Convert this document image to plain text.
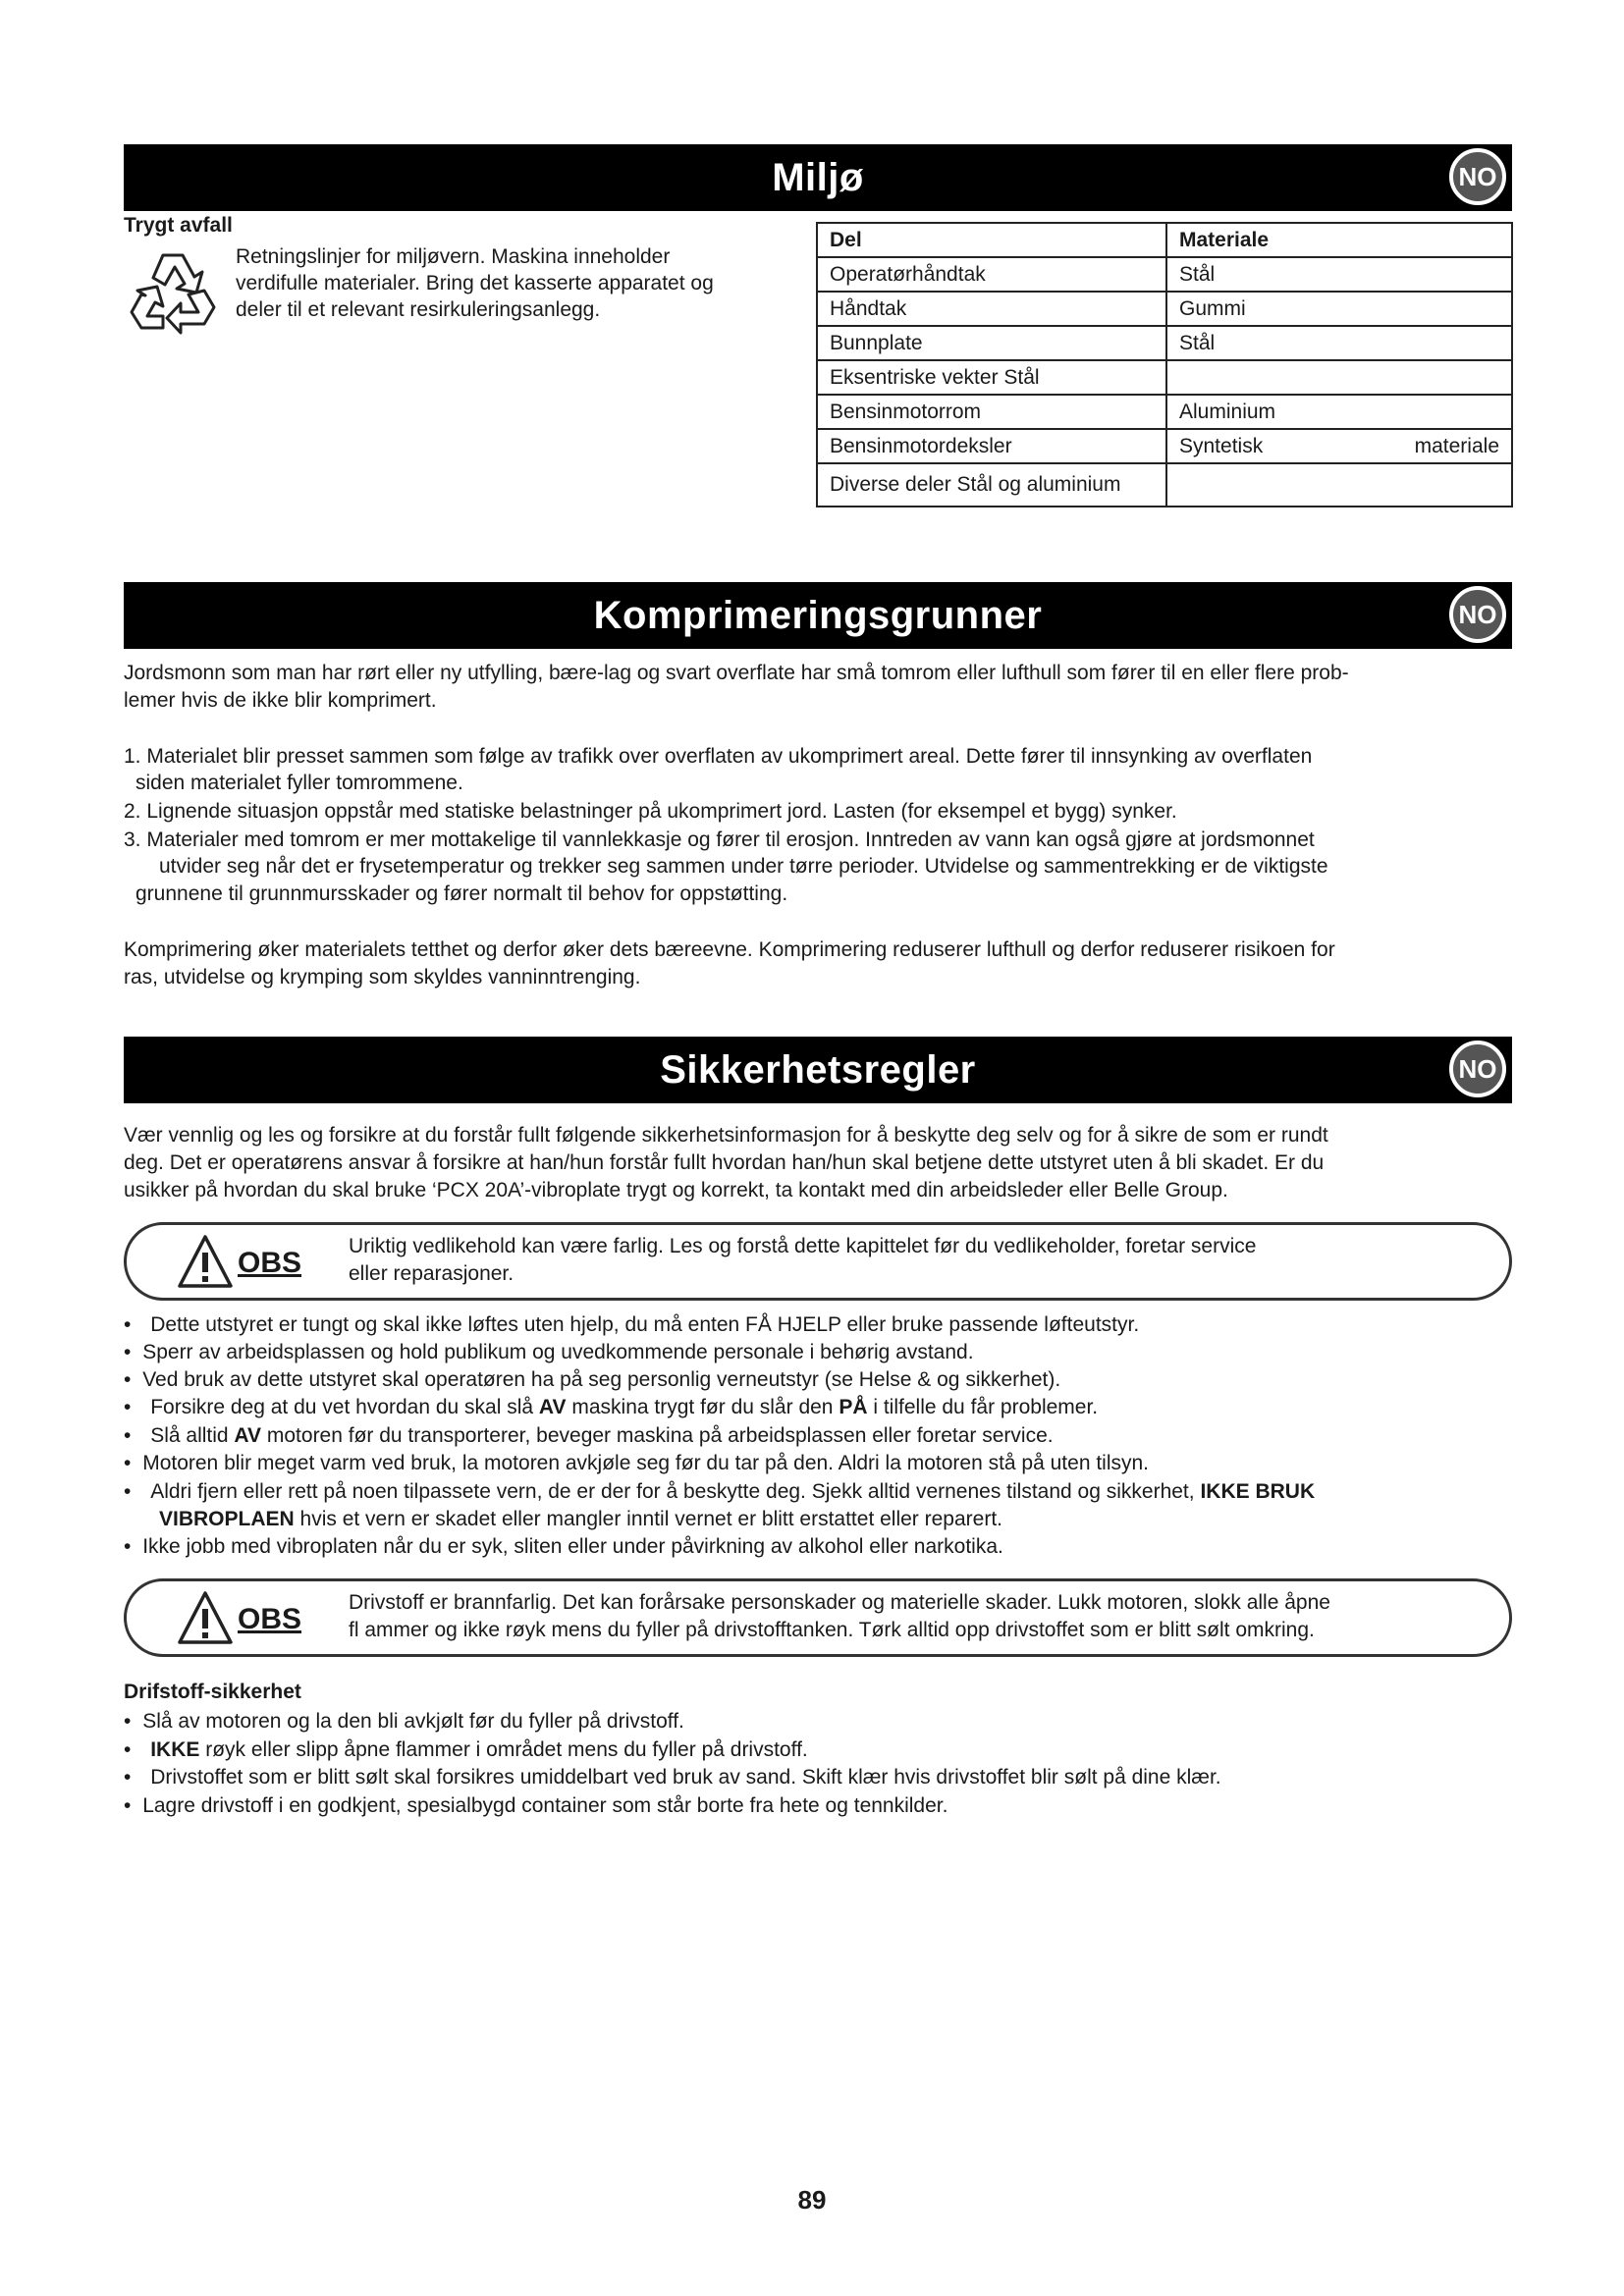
Miljø	NO
Trygt avfall
Retningslinjer for miljøvern. Maskina inneholder
verdifulle materialer. Bring det kasserte apparatet og
deler til et relevant resirkuleringsanlegg.
Del	Materiale
Operatørhåndtak	Stål
Håndtak	Gummi
Bunnplate	Stål
Eksentriske vekter Stål	
Bensinmotorrom	Aluminium
Bensinmotordeksler	Syntetisk materiale

Diverse deler Stål og aluminium	
Komprimeringsgrunner	NO
Jordsmonn som man har rørt eller ny utfylling, bære-lag og svart overflate har små tomrom eller lufthull som fører til en eller flere prob-
lemer hvis de ikke blir komprimert.
1. Materialet blir presset sammen som følge av trafikk over overflaten av ukomprimert areal. Dette fører til innsynking av overflaten
siden materialet fyller tomrommene.
2. Lignende situasjon oppstår med statiske belastninger på ukomprimert jord. Lasten (for eksempel et bygg) synker.
3. Materialer med tomrom er mer mottakelige til vannlekkasje og fører til erosjon. Inntreden av vann kan også gjøre at jordsmonnet
utvider seg når det er frysetemperatur og trekker seg sammen under tørre perioder. Utvidelse og sammentrekking er de viktigste
grunnene til grunnmursskader og fører normalt til behov for oppstøtting.
Komprimering øker materialets tetthet og derfor øker dets bæreevne. Komprimering reduserer lufthull og derfor reduserer risikoen for
ras, utvidelse og krymping som skyldes vanninntrenging.
Sikkerhetsregler	NO
Vær vennlig og les og forsikre at du forstår fullt følgende sikkerhetsinformasjon for å beskytte deg selv og for å sikre de som er rundt
deg. Det er operatørens ansvar å forsikre at han/hun forstår fullt hvordan han/hun skal betjene dette utstyret uten å bli skadet. Er du
usikker på hvordan du skal bruke ‘PCX 20A’-vibroplate trygt og korrekt, ta kontakt med din arbeidsleder eller Belle Group.
OBS
Uriktig vedlikehold kan være farlig. Les og forstå dette kapittelet før du vedlikeholder, foretar service
eller reparasjoner.
• Dette utstyret er tungt og skal ikke løftes uten hjelp, du må enten FÅ HJELP eller bruke passende løfteutstyr.
• Sperr av arbeidsplassen og hold publikum og uvedkommende personale i behørig avstand.
• Ved bruk av dette utstyret skal operatøren ha på seg personlig verneutstyr (se Helse & og sikkerhet).
• Forsikre deg at du vet hvordan du skal slå AV maskina trygt før du slår den PÅ i tilfelle du får problemer.
• Slå alltid AV motoren før du transporterer, beveger maskina på arbeidsplassen eller foretar service.
• Motoren blir meget varm ved bruk, la motoren avkjøle seg før du tar på den. Aldri la motoren stå på uten tilsyn.
• Aldri fjern eller rett på noen tilpassete vern, de er der for å beskytte deg. Sjekk alltid vernenes tilstand og sikkerhet, IKKE BRUK
VIBROPLAEN hvis et vern er skadet eller mangler inntil vernet er blitt erstattet eller reparert.
• Ikke jobb med vibroplaten når du er syk, sliten eller under påvirkning av alkohol eller narkotika.
OBS
Drivstoff er brannfarlig. Det kan forårsake personskader og materielle skader. Lukk motoren, slokk alle åpne
fl ammer og ikke røyk mens du fyller på drivstofftanken. Tørk alltid opp drivstoffet som er blitt sølt omkring.
Drifstoff-sikkerhet
• Slå av motoren og la den bli avkjølt før du fyller på drivstoff.
• IKKE røyk eller slipp åpne flammer i området mens du fyller på drivstoff.
• Drivstoffet som er blitt sølt skal forsikres umiddelbart ved bruk av sand. Skift klær hvis drivstoffet blir sølt på dine klær.
• Lagre drivstoff i en godkjent, spesialbygd container som står borte fra hete og tennkilder.
89
